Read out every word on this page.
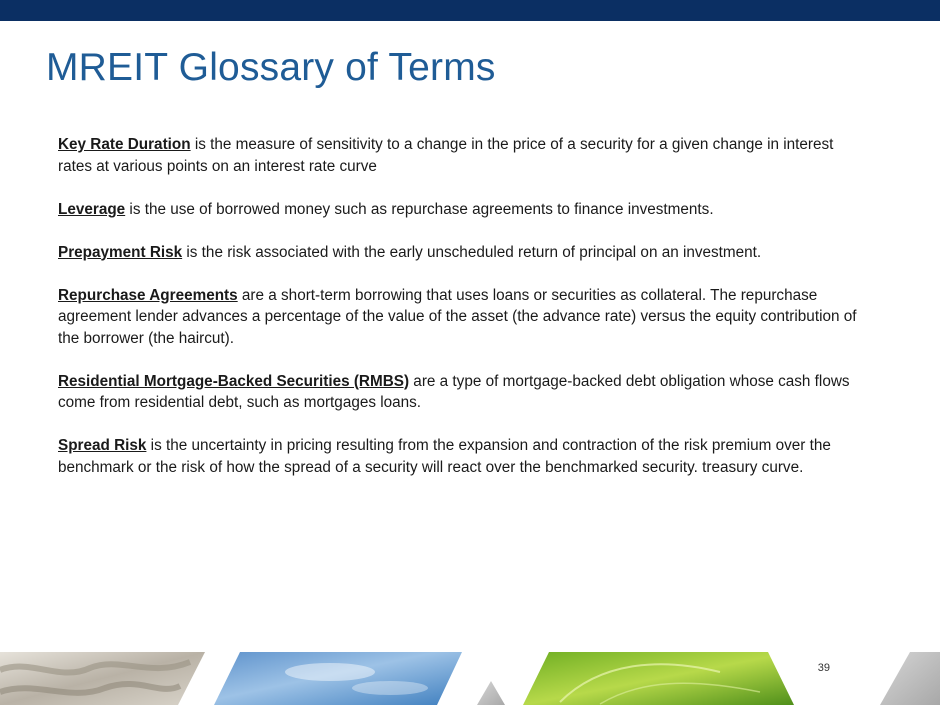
MREIT Glossary of Terms

Key Rate Duration is the measure of sensitivity to a change in the price of a security for a given change in interest rates at various points on an interest rate curve

Leverage is the use of borrowed money such as repurchase agreements to finance investments.

Prepayment Risk is the risk associated with the early unscheduled return of principal on an investment.

Repurchase Agreements are a short-term borrowing that uses loans or securities as collateral. The repurchase agreement lender advances a percentage of the value of the asset (the advance rate) versus the equity contribution of the borrower (the haircut).

Residential Mortgage-Backed Securities (RMBS) are a type of mortgage-backed debt obligation whose cash flows come from residential debt, such as mortgages loans.

Spread Risk is the uncertainty in pricing resulting from the expansion and contraction of the risk premium over the benchmark or the risk of how the spread of a security will react over the benchmarked security. treasury curve.

39
